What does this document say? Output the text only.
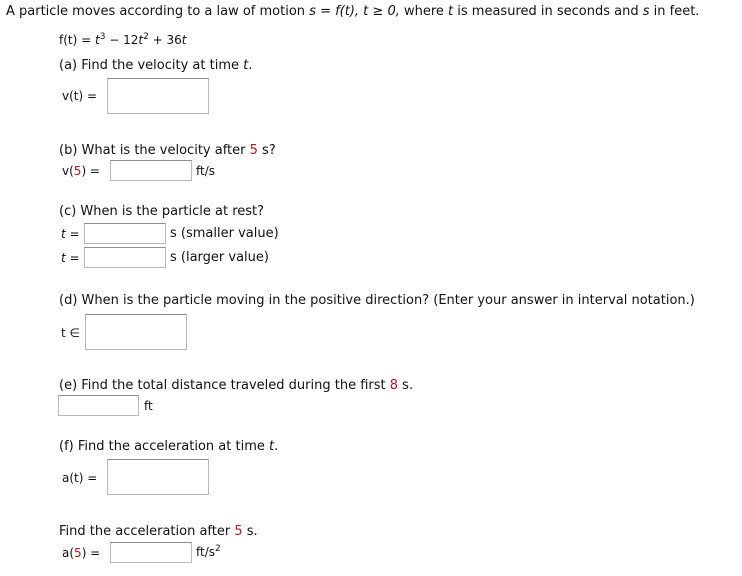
A particle moves according to a law of motion s = f(t), t ≥ 0, where t is measured in seconds and s in feet.
$f(t) = t^3 - 12t^2 + 36t$
(a) Find the velocity at time t.
v(t) =
(b) What is the velocity after 5 s?
v(5) =	ft/s
(c) When is the particle at rest?
t =	s (smaller value)
t =	s (larger value)
(d) When is the particle moving in the positive direction? (Enter your answer in interval notation.)
t ∈
(e) Find the total distance traveled during the first 8 s.
ft
(f) Find the acceleration at time t.
a(t) =
Find the acceleration after 5 s.
a(5) =	$ft/s^2$
